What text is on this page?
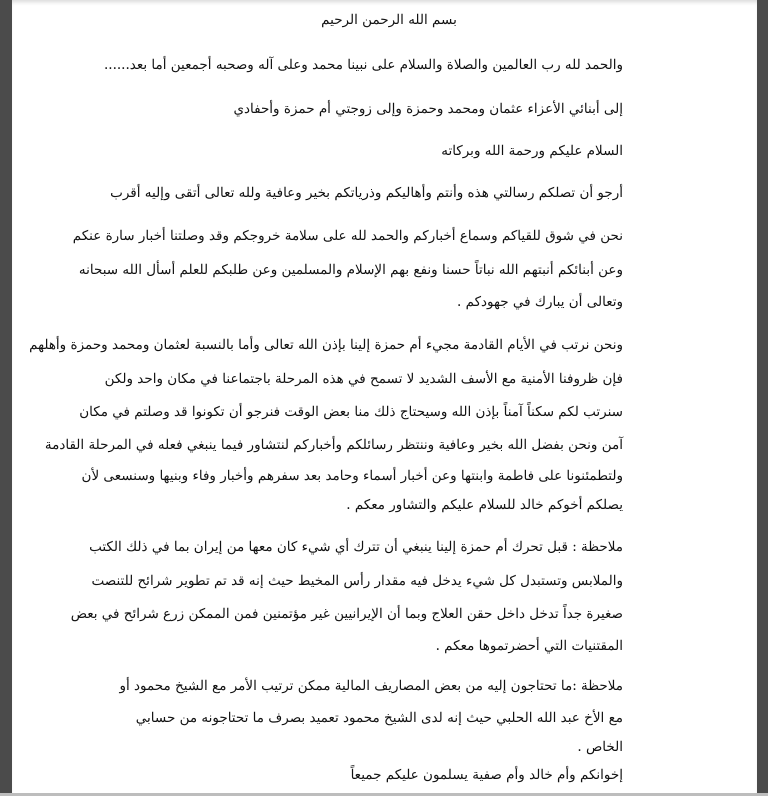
بسم الله الرحمن الرحيم
والحمد لله رب العالمين والصلاة والسلام على نبينا محمد وعلى آله وصحبه أجمعين أما بعد......
إلى أبنائي الأعزاء عثمان ومحمد وحمزة وإلى زوجتي أم حمزة وأحفادي
السلام عليكم ورحمة الله وبركاته
أرجو أن تصلكم رسالتي هذه وأنتم وأهاليكم وذرياتكم بخير وعافية ولله تعالى أتقى وإليه أقرب
نحن في شوق للقياكم وسماع أخباركم والحمد لله على سلامة خروجكم وقد وصلتنا أخبار سارة عنكم
وعن أبنائكم أنبتهم الله نباتاً حسنا ونفع بهم الإسلام والمسلمين وعن طلبكم للعلم أسأل الله سبحانه
وتعالى أن يبارك في جهودكم .
ونحن نرتب في الأيام القادمة مجيء أم حمزة إلينا بإذن الله تعالى وأما بالنسبة لعثمان ومحمد وحمزة وأهلهم
فإن ظروفنا الأمنية مع الأسف الشديد لا تسمح في هذه المرحلة باجتماعنا في مكان واحد ولكن
سنرتب لكم سكناً آمناً بإذن الله وسيحتاج ذلك منا بعض الوقت فنرجو أن تكونوا قد وصلتم في مكان
آمن ونحن بفضل الله بخير وعافية وننتظر رسائلكم وأخباركم لنتشاور فيما ينبغي فعله في المرحلة القادمة
ولتطمئنونا على فاطمة وابنتها وعن أخبار أسماء وحامد بعد سفرهم وأخبار وفاء وبنيها وسنسعى لأن
يصلكم أخوكم خالد للسلام عليكم والتشاور معكم .
ملاحظة : قبل تحرك أم حمزة إلينا ينبغي أن تترك أي شيء كان معها من إيران بما في ذلك الكتب
والملابس وتستبدل كل شيء يدخل فيه مقدار رأس المخيط حيث إنه قد تم تطوير شرائح للتنصت
صغيرة جداً تدخل داخل حقن العلاج وبما أن الإيرانيين غير مؤتمنين فمن الممكن زرع شرائح في بعض
المقتنيات التي أحضرتموها معكم .
ملاحظة :ما تحتاجون إليه من بعض المصاريف المالية ممكن ترتيب الأمر مع الشيخ محمود أو
مع الأخ عبد الله الحلبي حيث إنه لدى الشيخ محمود تعميد بصرف ما تحتاجونه من حسابي
الخاص .
إخوانكم وأم خالد وأم صفية يسلمون عليكم جميعاً
